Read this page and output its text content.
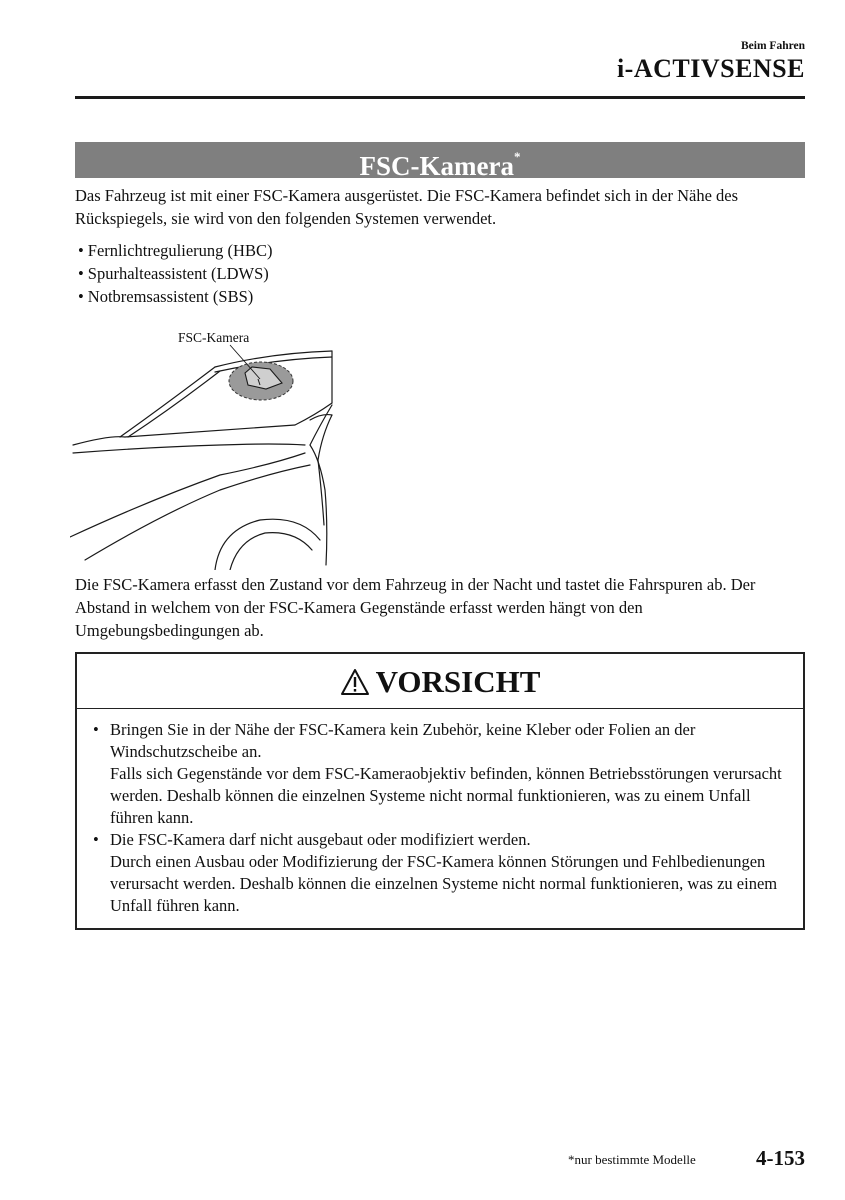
Beim Fahren
i-ACTIVSENSE
FSC-Kamera*
Das Fahrzeug ist mit einer FSC-Kamera ausgerüstet. Die FSC-Kamera befindet sich in der Nähe des Rückspiegels, sie wird von den folgenden Systemen verwendet.
• Fernlichtregulierung (HBC)
• Spurhalteassistent (LDWS)
• Notbremsassistent (SBS)
FSC-Kamera
Die FSC-Kamera erfasst den Zustand vor dem Fahrzeug in der Nacht und tastet die Fahrspuren ab. Der Abstand in welchem von der FSC-Kamera Gegenstände erfasst werden hängt von den Umgebungsbedingungen ab.
VORSICHT
• Bringen Sie in der Nähe der FSC-Kamera kein Zubehör, keine Kleber oder Folien an der Windschutzscheibe an.
Falls sich Gegenstände vor dem FSC-Kameraobjektiv befinden, können Betriebsstörungen verursacht werden. Deshalb können die einzelnen Systeme nicht normal funktionieren, was zu einem Unfall führen kann.
• Die FSC-Kamera darf nicht ausgebaut oder modifiziert werden.
Durch einen Ausbau oder Modifizierung der FSC-Kamera können Störungen und Fehlbedienungen verursacht werden. Deshalb können die einzelnen Systeme nicht normal funktionieren, was zu einem Unfall führen kann.
*nur bestimmte Modelle	4-153
